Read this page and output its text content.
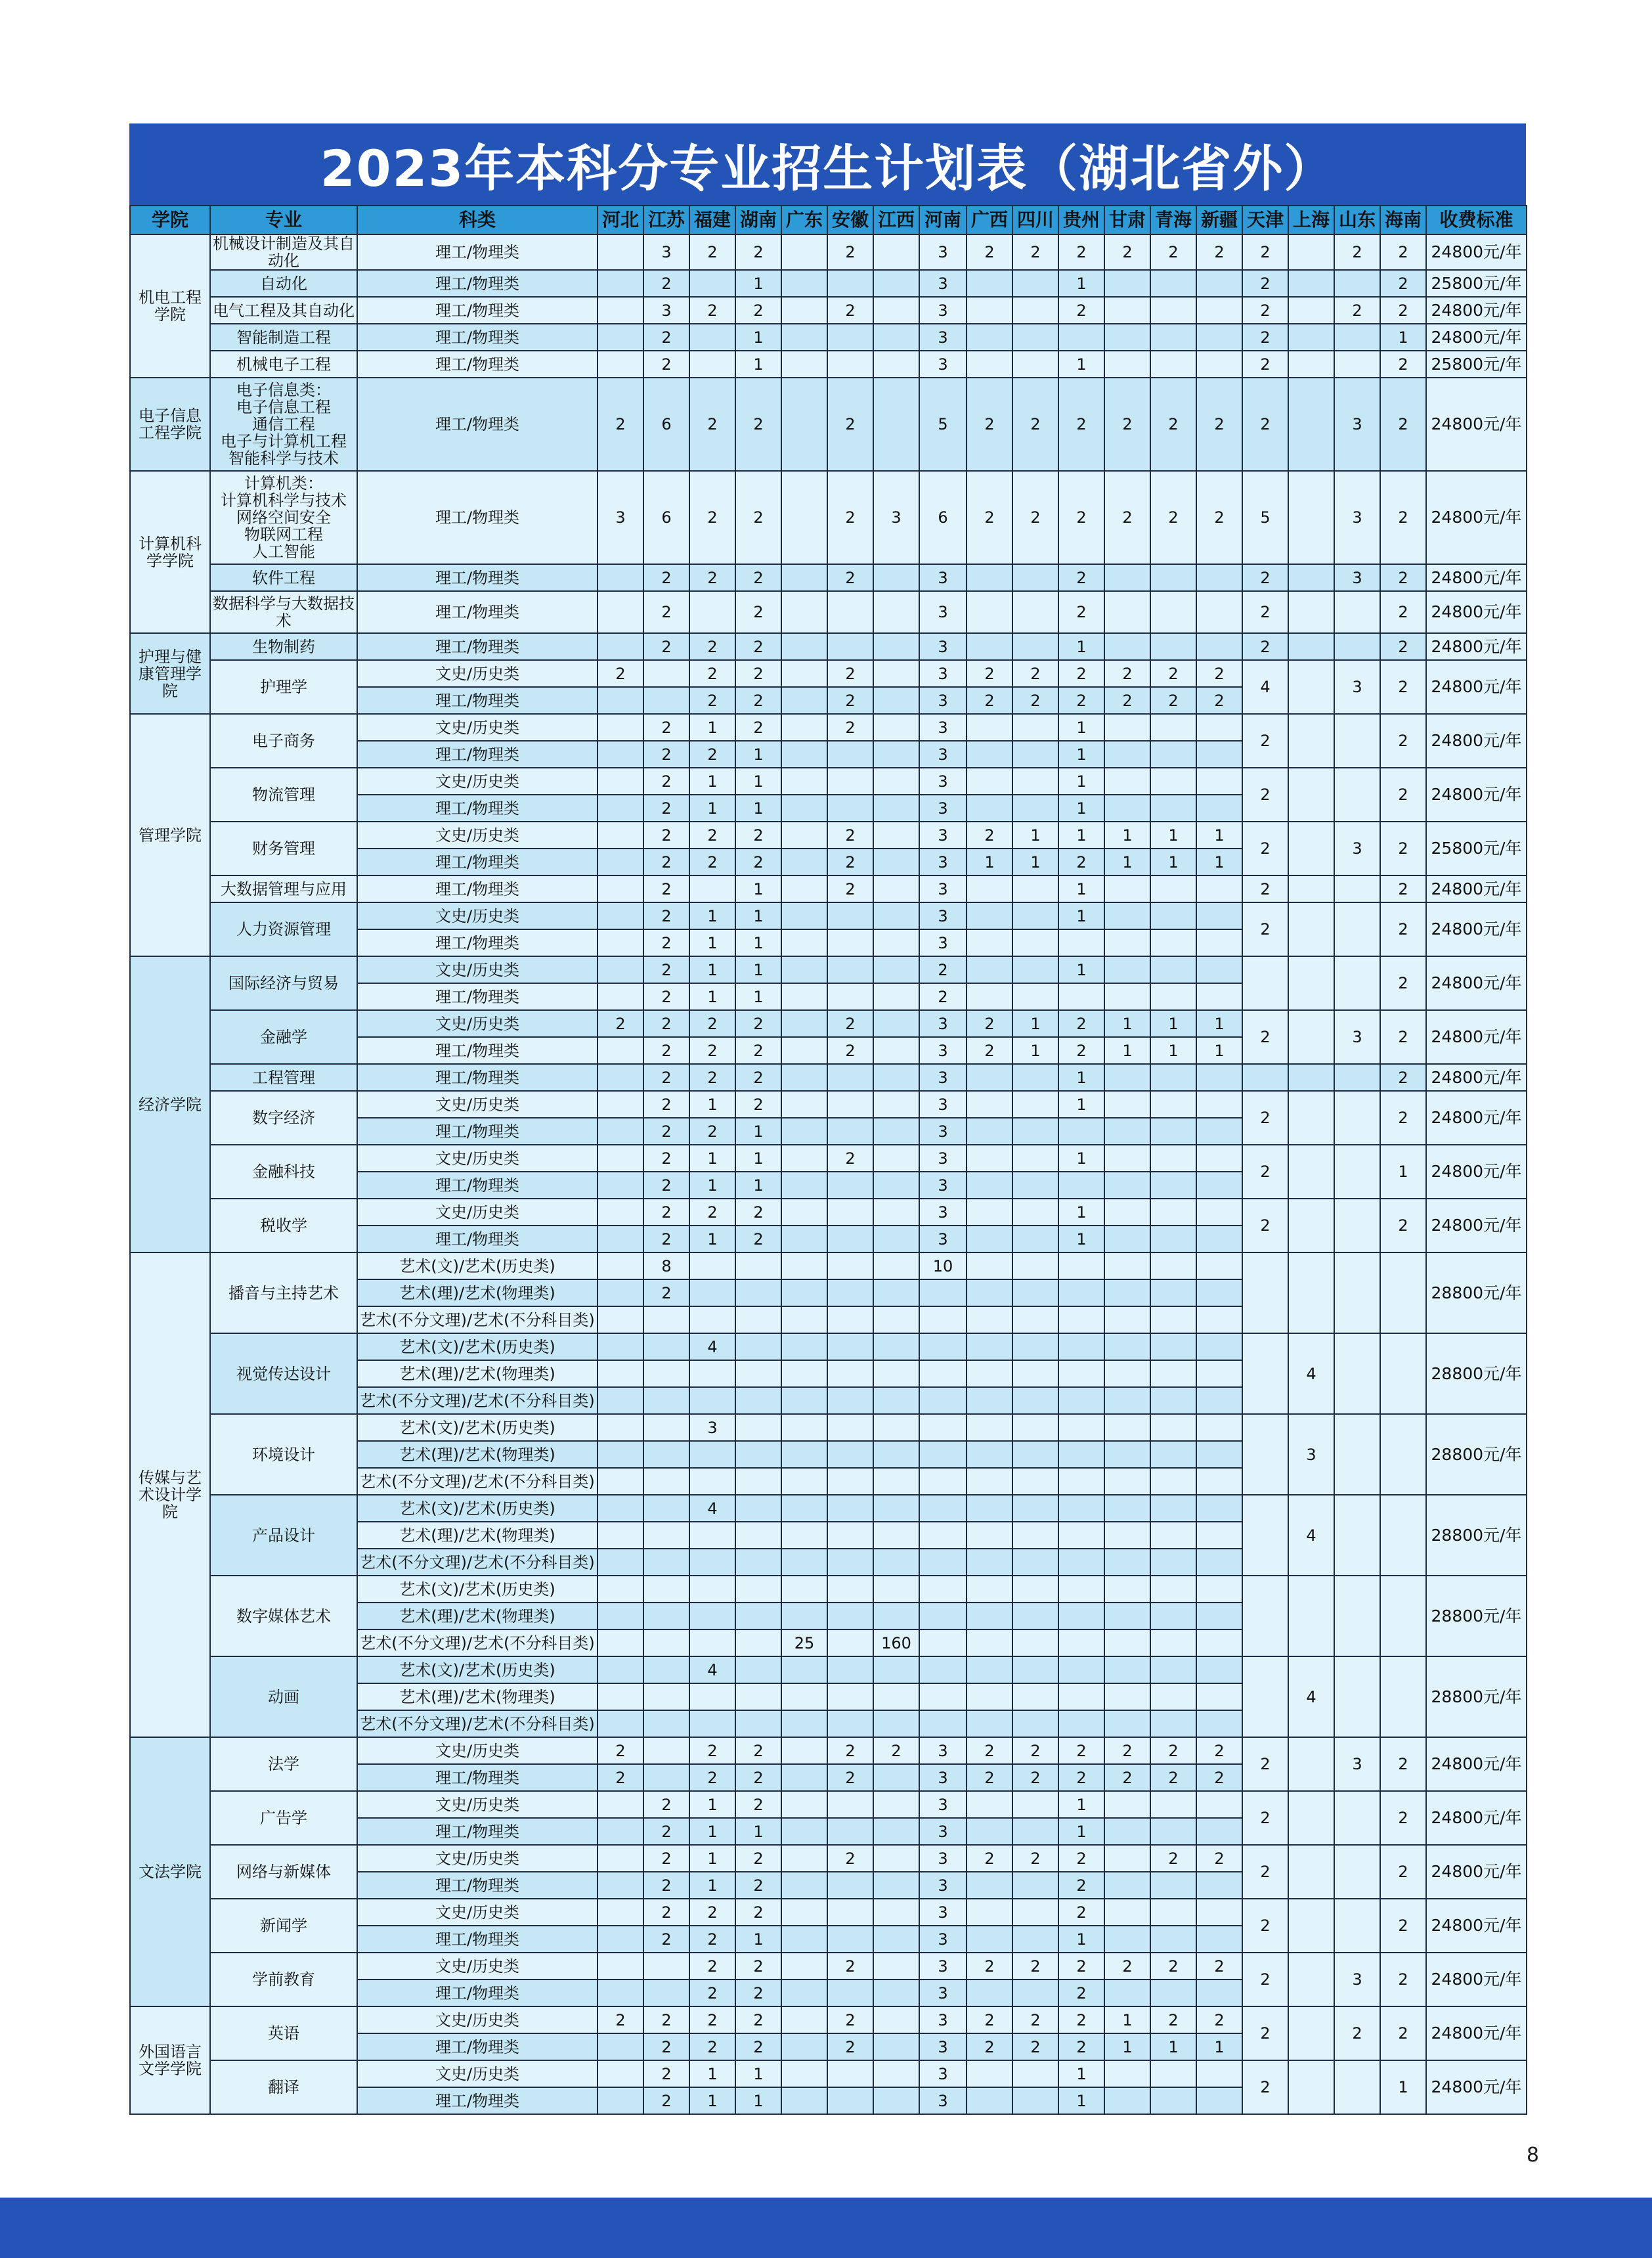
2023年本科分专业招生计划表（湖北省外）
学院	专业	科类	河北	江苏	福建	湖南	广东	安徽	江西	河南	广西	四川	贵州	甘肃	青海	新疆	天津	上海	山东	海南	收费标准
机电工程学院	机械设计制造及其自动化	理工/物理类		3	2	2		2		3	2	2	2	2	2	2	2		2	2	24800元/年
	自动化	理工/物理类		2		1				3			1				2			2	25800元/年
	电气工程及其自动化	理工/物理类		3	2	2		2		3			2				2		2	2	24800元/年
	智能制造工程	理工/物理类		2		1				3							2			1	24800元/年
	机械电子工程	理工/物理类		2		1				3			1				2			2	25800元/年
电子信息工程学院	电子信息类：
电子信息工程
通信工程
电子与计算机工程
智能科学与技术	理工/物理类	2	6	2	2		2		5	2	2	2	2	2	2	2		3	2	24800元/年
计算机科学学院	计算机类：
计算机科学与技术
网络空间安全
物联网工程
人工智能	理工/物理类	3	6	2	2		2	3	6	2	2	2	2	2	2	5		3	2	24800元/年
	软件工程	理工/物理类		2	2	2		2		3			2				2		3	2	24800元/年
	数据科学与大数据技术	理工/物理类		2		2				3			2				2			2	24800元/年
护理与健康管理学院	生物制药	理工/物理类		2	2	2				3			1				2			2	24800元/年
	护理学	文史/历史类	2		2	2		2		3	2	2	2	2	2	2	4		3	2	24800元/年
		理工/物理类			2	2		2		3	2	2	2	2	2	2					
管理学院	电子商务	文史/历史类		2	1	2		2		3			1				2			2	24800元/年
		理工/物理类		2	2	1				3			1								
	物流管理	文史/历史类		2	1	1				3			1				2			2	24800元/年
		理工/物理类		2	1	1				3			1								
	财务管理	文史/历史类		2	2	2		2		3	2	1	1	1	1	1	2		3	2	25800元/年
		理工/物理类		2	2	2		2		3	1	1	2	1	1	1					
	大数据管理与应用	理工/物理类		2		1		2		3			1				2			2	24800元/年
	人力资源管理	文史/历史类		2	1	1				3			1				2			2	24800元/年
		理工/物理类		2	1	1				3											
经济学院	国际经济与贸易	文史/历史类		2	1	1				2			1							2	24800元/年
		理工/物理类		2	1	1				2											
	金融学	文史/历史类	2	2	2	2		2		3	2	1	2	1	1	1	2		3	2	24800元/年
		理工/物理类		2	2	2		2		3	2	1	2	1	1	1					
	工程管理	理工/物理类		2	2	2				3			1							2	24800元/年
	数字经济	文史/历史类		2	1	2				3			1				2			2	24800元/年
		理工/物理类		2	2	1				3											
	金融科技	文史/历史类		2	1	1		2		3			1				2			1	24800元/年
		理工/物理类		2	1	1				3											
	税收学	文史/历史类		2	2	2				3			1				2			2	24800元/年
		理工/物理类		2	1	2				3			1								
传媒与艺术设计学院	播音与主持艺术	艺术(文)/艺术(历史类)		8						10											28800元/年
		艺术(理)/艺术(物理类)		2																	
		艺术(不分文理)/艺术(不分科目类)																			
	视觉传达设计	艺术(文)/艺术(历史类)			4													4			28800元/年
		艺术(理)/艺术(物理类)																			
		艺术(不分文理)/艺术(不分科目类)																			
	环境设计	艺术(文)/艺术(历史类)			3													3			28800元/年
		艺术(理)/艺术(物理类)																			
		艺术(不分文理)/艺术(不分科目类)																			
	产品设计	艺术(文)/艺术(历史类)			4													4			28800元/年
		艺术(理)/艺术(物理类)																			
		艺术(不分文理)/艺术(不分科目类)																			
	数字媒体艺术	艺术(文)/艺术(历史类)																			28800元/年
		艺术(理)/艺术(物理类)																			
		艺术(不分文理)/艺术(不分科目类)					25		160												
	动画	艺术(文)/艺术(历史类)			4													4			28800元/年
		艺术(理)/艺术(物理类)																			
		艺术(不分文理)/艺术(不分科目类)																			
文法学院	法学	文史/历史类	2		2	2		2	2	3	2	2	2	2	2	2	2		3	2	24800元/年
		理工/物理类	2		2	2		2		3	2	2	2	2	2	2					
	广告学	文史/历史类		2	1	2				3			1				2			2	24800元/年
		理工/物理类		2	1	1				3			1								
	网络与新媒体	文史/历史类		2	1	2		2		3	2	2	2		2	2	2			2	24800元/年
		理工/物理类		2	1	2				3			2								
	新闻学	文史/历史类		2	2	2				3			2				2			2	24800元/年
		理工/物理类		2	2	1				3			1								
	学前教育	文史/历史类			2	2		2		3	2	2	2	2	2	2	2		3	2	24800元/年
		理工/物理类			2	2				3			2								
外国语言文学学院	英语	文史/历史类	2	2	2	2		2		3	2	2	2	1	2	2	2		2	2	24800元/年
		理工/物理类		2	2	2		2		3	2	2	2	1	1	1					
	翻译	文史/历史类		2	1	1				3			1				2			1	24800元/年
		理工/物理类		2	1	1				3			1								
8
